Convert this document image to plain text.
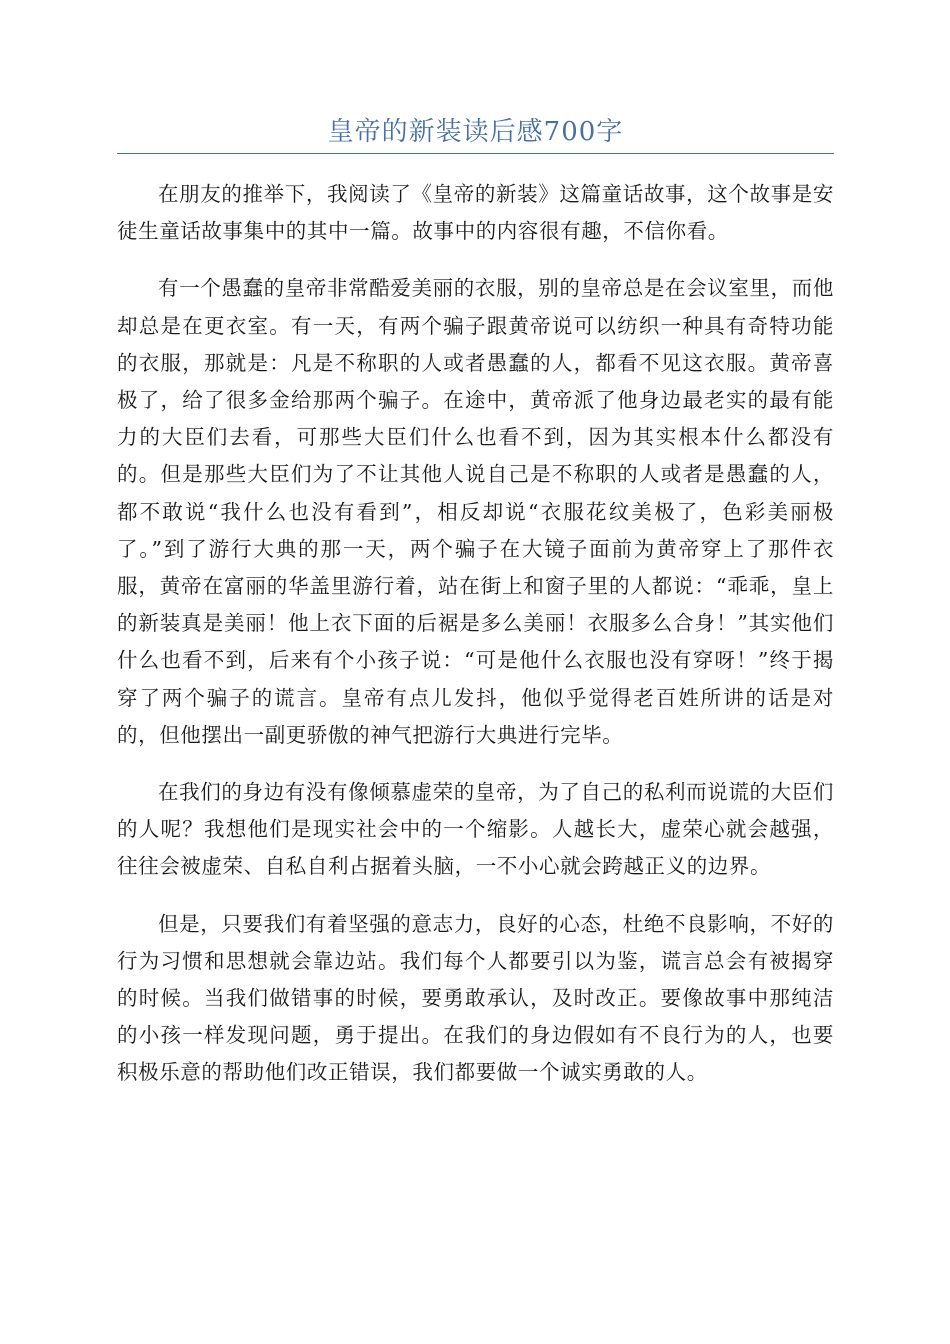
皇帝的新装读后感700字

在朋友的推举下，我阅读了《皇帝的新装》这篇童话故事，这个故事是安徒生童话故事集中的其中一篇。故事中的内容很有趣，不信你看。

有一个愚蠢的皇帝非常酷爱美丽的衣服，别的皇帝总是在会议室里，而他却总是在更衣室。有一天，有两个骗子跟黄帝说可以纺织一种具有奇特功能的衣服，那就是：凡是不称职的人或者愚蠢的人，都看不见这衣服。黄帝喜极了，给了很多金给那两个骗子。在途中，黄帝派了他身边最老实的最有能力的大臣们去看，可那些大臣们什么也看不到，因为其实根本什么都没有的。但是那些大臣们为了不让其他人说自己是不称职的人或者是愚蠢的人，都不敢说“我什么也没有看到”，相反却说“衣服花纹美极了，色彩美丽极了。”到了游行大典的那一天，两个骗子在大镜子面前为黄帝穿上了那件衣服，黄帝在富丽的华盖里游行着，站在街上和窗子里的人都说：“乖乖，皇上的新装真是美丽！他上衣下面的后裾是多么美丽！衣服多么合身！”其实他们什么也看不到，后来有个小孩子说：“可是他什么衣服也没有穿呀！”终于揭穿了两个骗子的谎言。皇帝有点儿发抖，他似乎觉得老百姓所讲的话是对的，但他摆出一副更骄傲的神气把游行大典进行完毕。

在我们的身边有没有像倾慕虚荣的皇帝，为了自己的私利而说谎的大臣们的人呢？我想他们是现实社会中的一个缩影。人越长大，虚荣心就会越强，往往会被虚荣、自私自利占据着头脑，一不小心就会跨越正义的边界。

但是，只要我们有着坚强的意志力，良好的心态，杜绝不良影响，不好的行为习惯和思想就会靠边站。我们每个人都要引以为鉴，谎言总会有被揭穿的时候。当我们做错事的时候，要勇敢承认，及时改正。要像故事中那纯洁的小孩一样发现问题，勇于提出。在我们的身边假如有不良行为的人，也要积极乐意的帮助他们改正错误，我们都要做一个诚实勇敢的人。
